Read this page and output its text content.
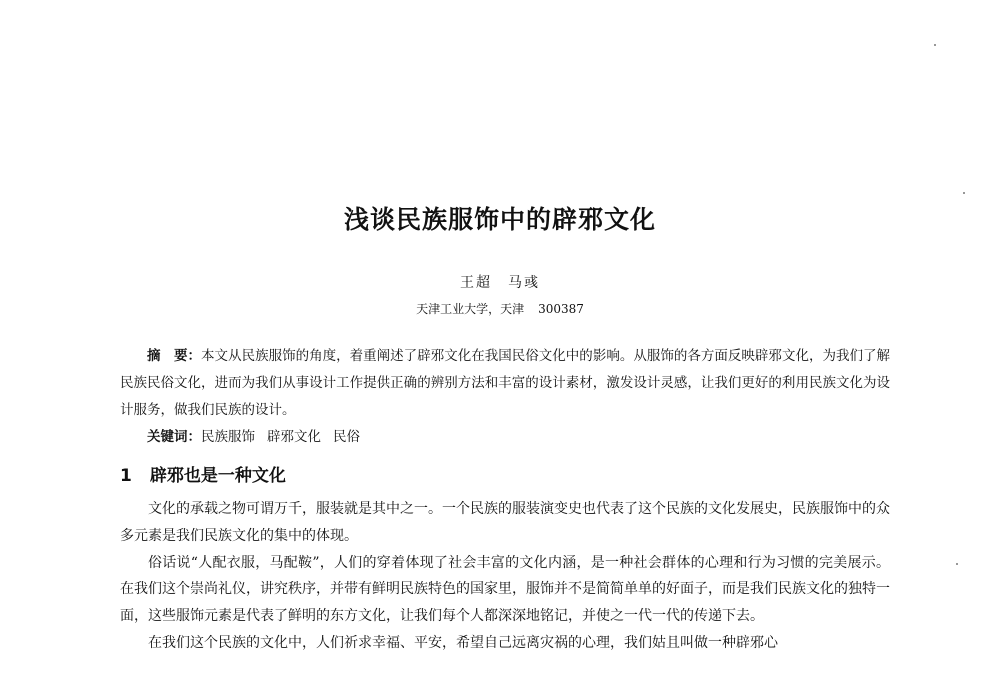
浅谈民族服饰中的辟邪文化
王超　马彧
天津工业大学，天津 300387

摘　要：本文从民族服饰的角度，着重阐述了辟邪文化在我国民俗文化中的影响。从服饰的各方面反映辟邪文化，为我们了解民族民俗文化，进而为我们从事设计工作提供正确的辨别方法和丰富的设计素材，激发设计灵感，让我们更好的利用民族文化为设计服务，做我们民族的设计。

关键词：民族服饰 辟邪文化 民俗

1 辟邪也是一种文化

文化的承载之物可谓万千，服装就是其中之一。一个民族的服装演变史也代表了这个民族的文化发展史，民族服饰中的众多元素是我们民族文化的集中的体现。

俗话说“人配衣服，马配鞍”，人们的穿着体现了社会丰富的文化内涵，是一种社会群体的心理和行为习惯的完美展示。在我们这个崇尚礼仪，讲究秩序，并带有鲜明民族特色的国家里，服饰并不是简简单单的好面子，而是我们民族文化的独特一面，这些服饰元素是代表了鲜明的东方文化，让我们每个人都深深地铭记，并使之一代一代的传递下去。

在我们这个民族的文化中，人们祈求幸福、平安，希望自己远离灾祸的心理，我们姑且叫做一种辟邪心
